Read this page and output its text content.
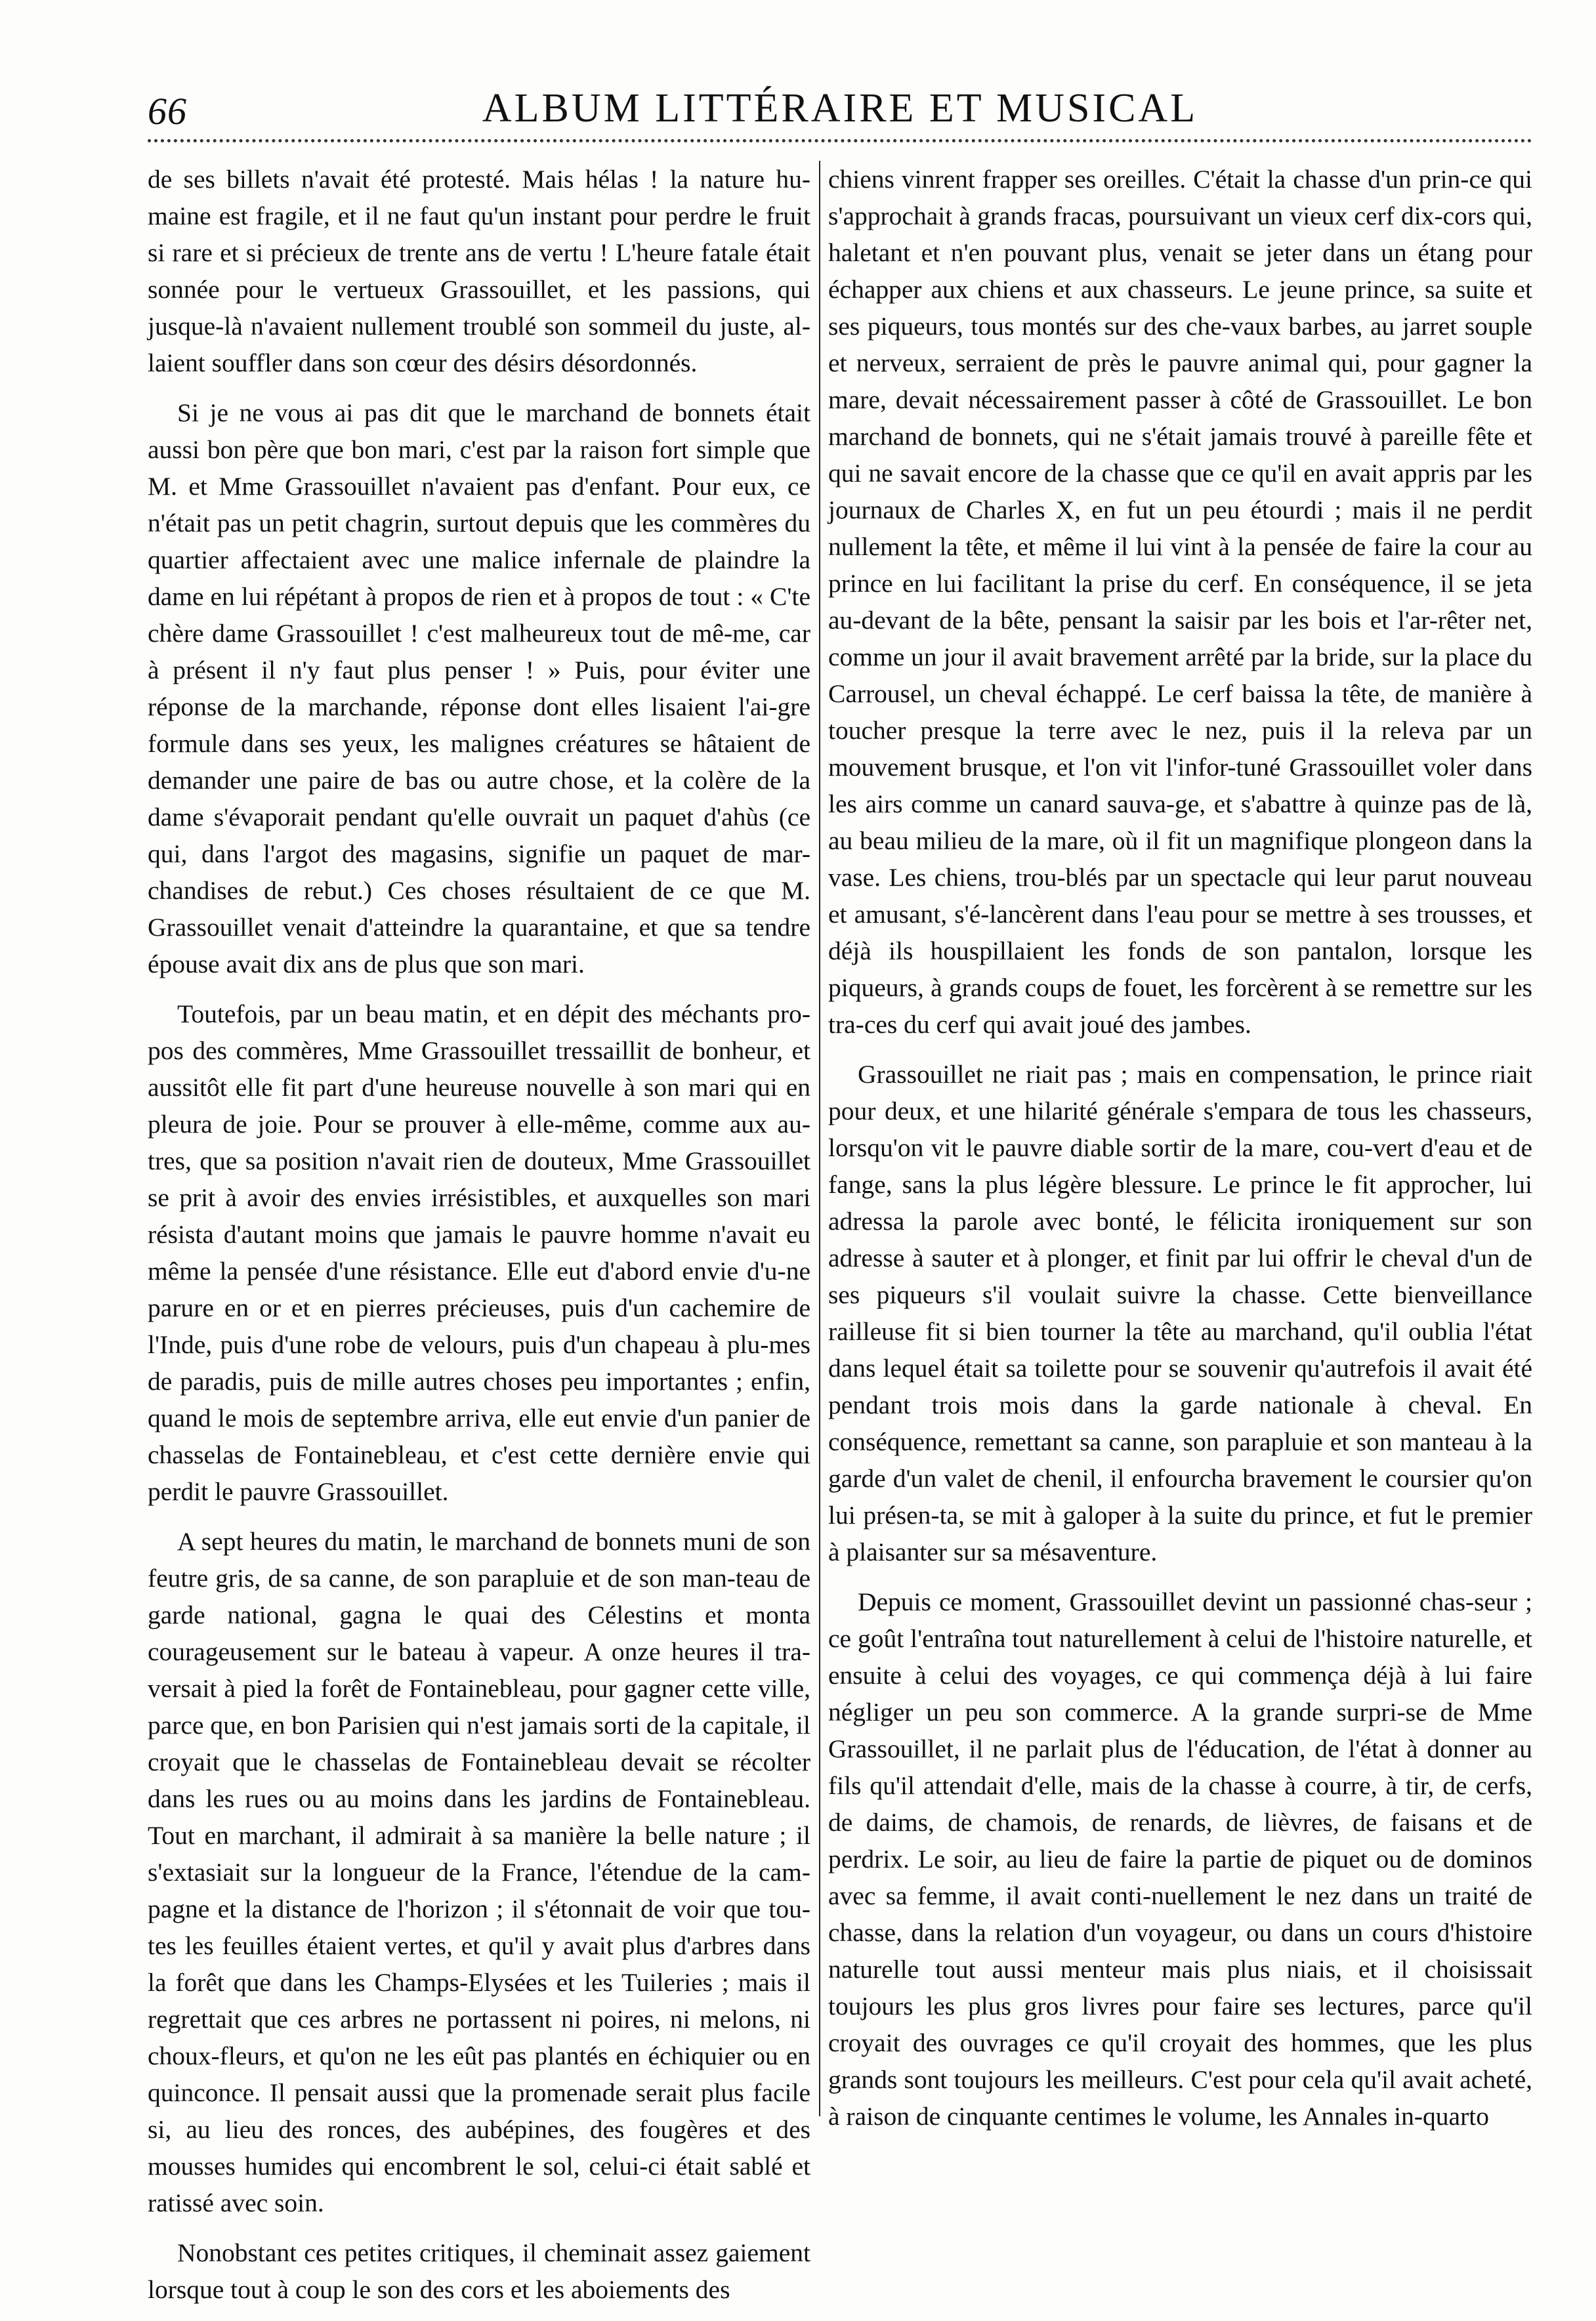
66	ALBUM LITTÉRAIRE ET MUSICAL

de ses billets n'avait été protesté. Mais hélas ! la nature hu-maine est fragile, et il ne faut qu'un instant pour perdre le fruit si rare et si précieux de trente ans de vertu ! L'heure fatale était sonnée pour le vertueux Grassouillet, et les passions, qui jusque-là n'avaient nullement troublé son sommeil du juste, al-laient souffler dans son cœur des désirs désordonnés.

Si je ne vous ai pas dit que le marchand de bonnets était aussi bon père que bon mari, c'est par la raison fort simple que M. et Mme Grassouillet n'avaient pas d'enfant. Pour eux, ce n'était pas un petit chagrin, surtout depuis que les commères du quartier affectaient avec une malice infernale de plaindre la dame en lui répétant à propos de rien et à propos de tout : « C'te chère dame Grassouillet ! c'est malheureux tout de mê-me, car à présent il n'y faut plus penser ! » Puis, pour éviter une réponse de la marchande, réponse dont elles lisaient l'ai-gre formule dans ses yeux, les malignes créatures se hâtaient de demander une paire de bas ou autre chose, et la colère de la dame s'évaporait pendant qu'elle ouvrait un paquet d'ahùs (ce qui, dans l'argot des magasins, signifie un paquet de mar-chandises de rebut.) Ces choses résultaient de ce que M. Grassouillet venait d'atteindre la quarantaine, et que sa tendre épouse avait dix ans de plus que son mari.

Toutefois, par un beau matin, et en dépit des méchants pro-pos des commères, Mme Grassouillet tressaillit de bonheur, et aussitôt elle fit part d'une heureuse nouvelle à son mari qui en pleura de joie. Pour se prouver à elle-même, comme aux au-tres, que sa position n'avait rien de douteux, Mme Grassouillet se prit à avoir des envies irrésistibles, et auxquelles son mari résista d'autant moins que jamais le pauvre homme n'avait eu même la pensée d'une résistance. Elle eut d'abord envie d'u-ne parure en or et en pierres précieuses, puis d'un cachemire de l'Inde, puis d'une robe de velours, puis d'un chapeau à plu-mes de paradis, puis de mille autres choses peu importantes ; enfin, quand le mois de septembre arriva, elle eut envie d'un panier de chasselas de Fontainebleau, et c'est cette dernière envie qui perdit le pauvre Grassouillet.

A sept heures du matin, le marchand de bonnets muni de son feutre gris, de sa canne, de son parapluie et de son man-teau de garde national, gagna le quai des Célestins et monta courageusement sur le bateau à vapeur. A onze heures il tra-versait à pied la forêt de Fontainebleau, pour gagner cette ville, parce que, en bon Parisien qui n'est jamais sorti de la capitale, il croyait que le chasselas de Fontainebleau devait se récolter dans les rues ou au moins dans les jardins de Fontainebleau. Tout en marchant, il admirait à sa manière la belle nature ; il s'extasiait sur la longueur de la France, l'étendue de la cam-pagne et la distance de l'horizon ; il s'étonnait de voir que tou-tes les feuilles étaient vertes, et qu'il y avait plus d'arbres dans la forêt que dans les Champs-Elysées et les Tuileries ; mais il regrettait que ces arbres ne portassent ni poires, ni melons, ni choux-fleurs, et qu'on ne les eût pas plantés en échiquier ou en quinconce. Il pensait aussi que la promenade serait plus facile si, au lieu des ronces, des aubépines, des fougères et des mousses humides qui encombrent le sol, celui-ci était sablé et ratissé avec soin.

Nonobstant ces petites critiques, il cheminait assez gaiement lorsque tout à coup le son des cors et les aboiements des

chiens vinrent frapper ses oreilles. C'était la chasse d'un prin-ce qui s'approchait à grands fracas, poursuivant un vieux cerf dix-cors qui, haletant et n'en pouvant plus, venait se jeter dans un étang pour échapper aux chiens et aux chasseurs. Le jeune prince, sa suite et ses piqueurs, tous montés sur des che-vaux barbes, au jarret souple et nerveux, serraient de près le pauvre animal qui, pour gagner la mare, devait nécessairement passer à côté de Grassouillet. Le bon marchand de bonnets, qui ne s'était jamais trouvé à pareille fête et qui ne savait encore de la chasse que ce qu'il en avait appris par les journaux de Charles X, en fut un peu étourdi ; mais il ne perdit nullement la tête, et même il lui vint à la pensée de faire la cour au prince en lui facilitant la prise du cerf. En conséquence, il se jeta au-devant de la bête, pensant la saisir par les bois et l'ar-rêter net, comme un jour il avait bravement arrêté par la bride, sur la place du Carrousel, un cheval échappé. Le cerf baissa la tête, de manière à toucher presque la terre avec le nez, puis il la releva par un mouvement brusque, et l'on vit l'infor-tuné Grassouillet voler dans les airs comme un canard sauva-ge, et s'abattre à quinze pas de là, au beau milieu de la mare, où il fit un magnifique plongeon dans la vase. Les chiens, trou-blés par un spectacle qui leur parut nouveau et amusant, s'é-lancèrent dans l'eau pour se mettre à ses trousses, et déjà ils houspillaient les fonds de son pantalon, lorsque les piqueurs, à grands coups de fouet, les forcèrent à se remettre sur les tra-ces du cerf qui avait joué des jambes.

Grassouillet ne riait pas ; mais en compensation, le prince riait pour deux, et une hilarité générale s'empara de tous les chasseurs, lorsqu'on vit le pauvre diable sortir de la mare, cou-vert d'eau et de fange, sans la plus légère blessure. Le prince le fit approcher, lui adressa la parole avec bonté, le félicita ironiquement sur son adresse à sauter et à plonger, et finit par lui offrir le cheval d'un de ses piqueurs s'il voulait suivre la chasse. Cette bienveillance railleuse fit si bien tourner la tête au marchand, qu'il oublia l'état dans lequel était sa toilette pour se souvenir qu'autrefois il avait été pendant trois mois dans la garde nationale à cheval. En conséquence, remettant sa canne, son parapluie et son manteau à la garde d'un valet de chenil, il enfourcha bravement le coursier qu'on lui présen-ta, se mit à galoper à la suite du prince, et fut le premier à plaisanter sur sa mésaventure.

Depuis ce moment, Grassouillet devint un passionné chas-seur ; ce goût l'entraîna tout naturellement à celui de l'histoire naturelle, et ensuite à celui des voyages, ce qui commença déjà à lui faire négliger un peu son commerce. A la grande surpri-se de Mme Grassouillet, il ne parlait plus de l'éducation, de l'état à donner au fils qu'il attendait d'elle, mais de la chasse à courre, à tir, de cerfs, de daims, de chamois, de renards, de lièvres, de faisans et de perdrix. Le soir, au lieu de faire la partie de piquet ou de dominos avec sa femme, il avait conti-nuellement le nez dans un traité de chasse, dans la relation d'un voyageur, ou dans un cours d'histoire naturelle tout aussi menteur mais plus niais, et il choisissait toujours les plus gros livres pour faire ses lectures, parce qu'il croyait des ouvrages ce qu'il croyait des hommes, que les plus grands sont toujours les meilleurs. C'est pour cela qu'il avait acheté, à raison de cinquante centimes le volume, les Annales in-quarto
